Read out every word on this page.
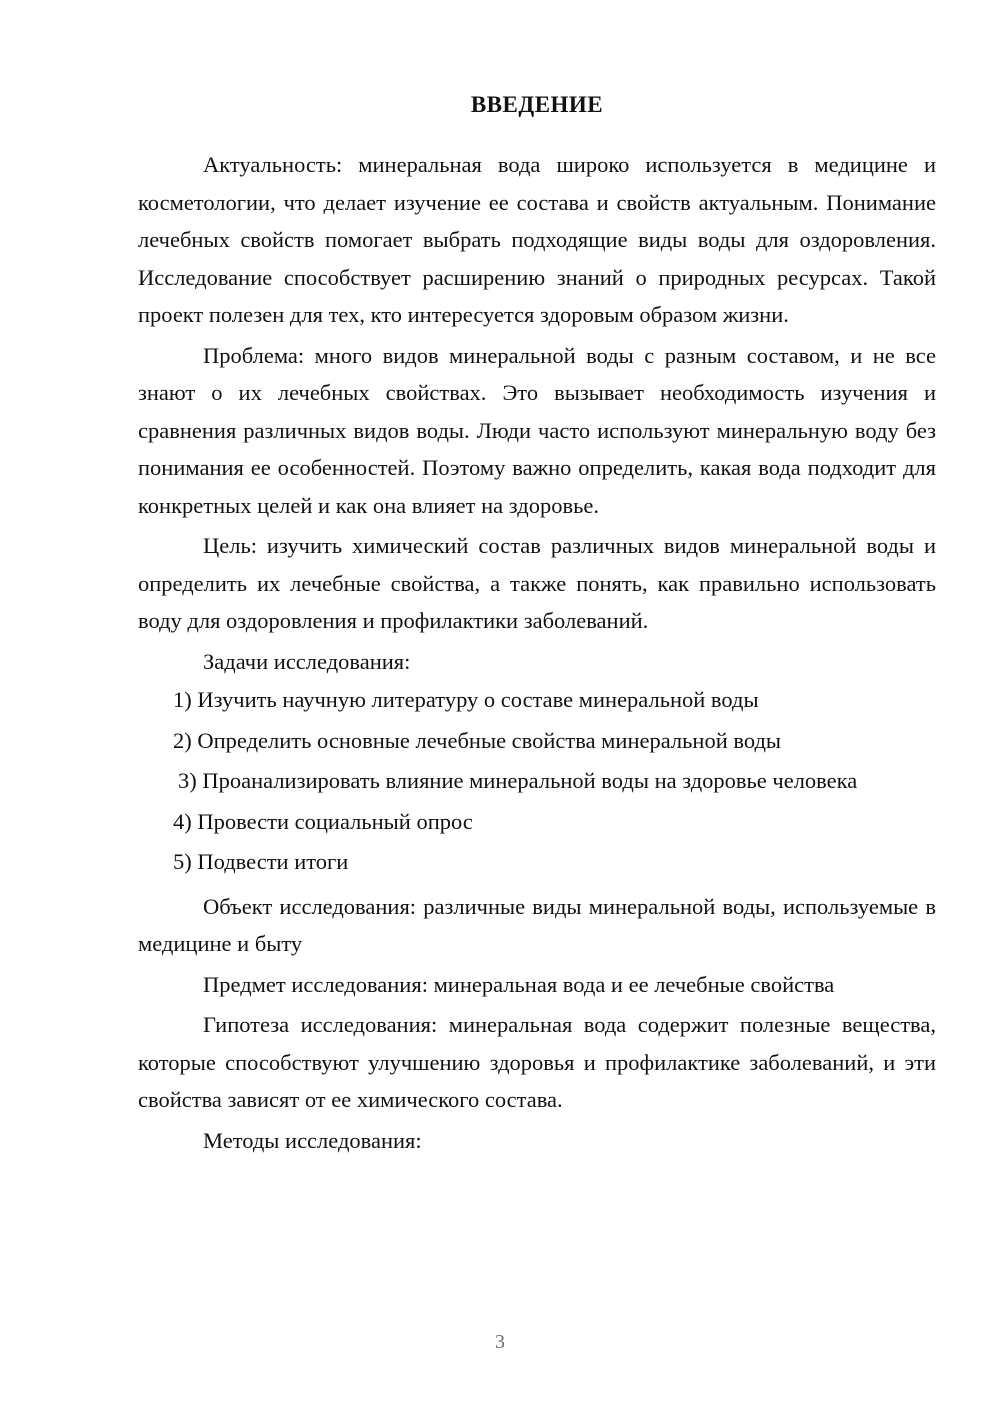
ВВЕДЕНИЕ

Актуальность: минеральная вода широко используется в медицине и косметологии, что делает изучение ее состава и свойств актуальным. Понимание лечебных свойств помогает выбрать подходящие виды воды для оздоровления. Исследование способствует расширению знаний о природных ресурсах. Такой проект полезен для тех, кто интересуется здоровым образом жизни.

Проблема: много видов минеральной воды с разным составом, и не все знают о их лечебных свойствах. Это вызывает необходимость изучения и сравнения различных видов воды. Люди часто используют минеральную воду без понимания ее особенностей. Поэтому важно определить, какая вода подходит для конкретных целей и как она влияет на здоровье.

Цель: изучить химический состав различных видов минеральной воды и определить их лечебные свойства, а также понять, как правильно использовать воду для оздоровления и профилактики заболеваний.

Задачи исследования:

1) Изучить научную литературу о составе минеральной воды
2) Определить основные лечебные свойства минеральной воды
3) Проанализировать влияние минеральной воды на здоровье человека
4) Провести социальный опрос
5) Подвести итоги

Объект исследования: различные виды минеральной воды, используемые в медицине и быту

Предмет исследования: минеральная вода и ее лечебные свойства

Гипотеза исследования: минеральная вода содержит полезные вещества, которые способствуют улучшению здоровья и профилактике заболеваний, и эти свойства зависят от ее химического состава.

Методы исследования:

3
